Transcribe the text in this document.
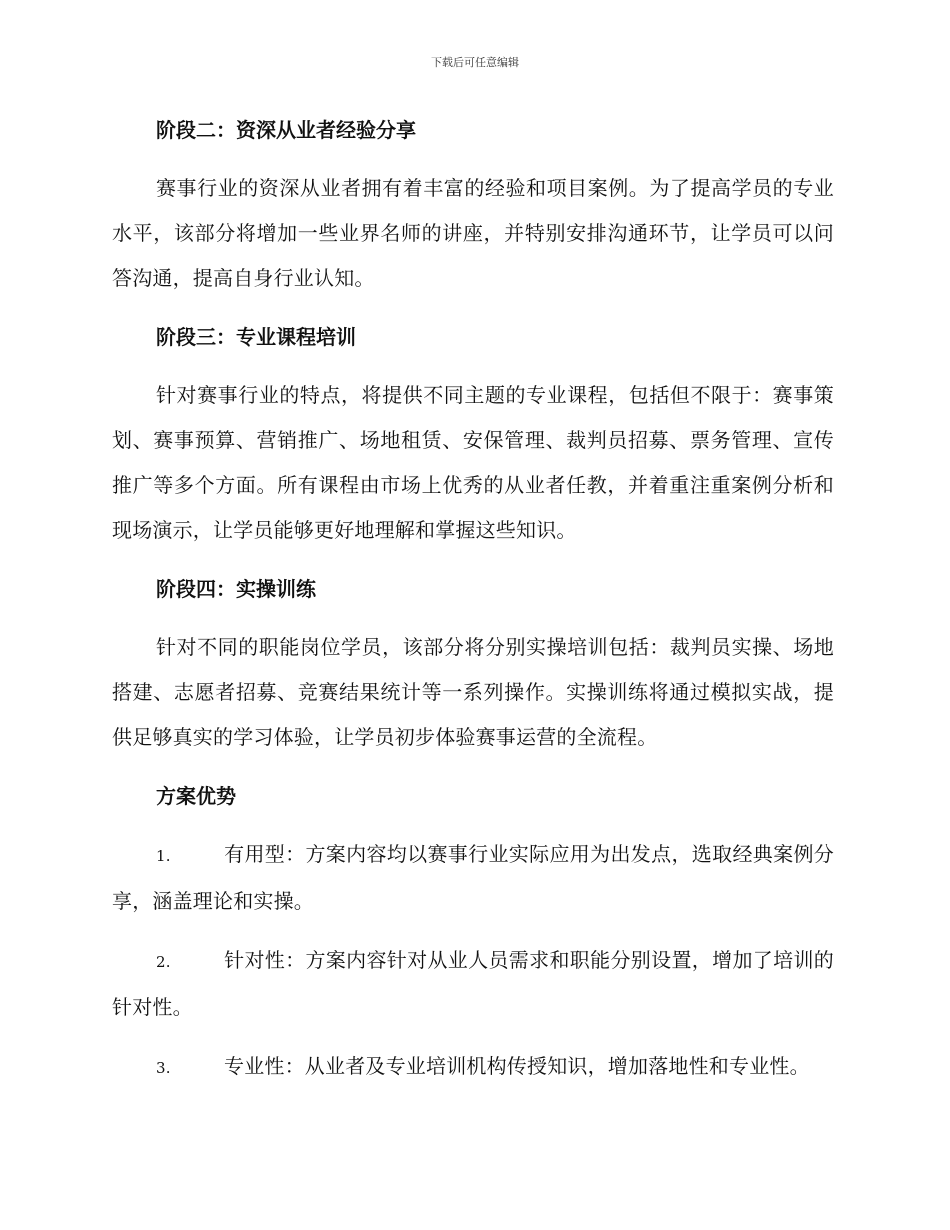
下载后可任意编辑
阶段二：资深从业者经验分享
赛事行业的资深从业者拥有着丰富的经验和项目案例。为了提高学员的专业水平，该部分将增加一些业界名师的讲座，并特别安排沟通环节，让学员可以问答沟通，提高自身行业认知。
阶段三：专业课程培训
针对赛事行业的特点，将提供不同主题的专业课程，包括但不限于：赛事策划、赛事预算、营销推广、场地租赁、安保管理、裁判员招募、票务管理、宣传推广等多个方面。所有课程由市场上优秀的从业者任教，并着重注重案例分析和现场演示，让学员能够更好地理解和掌握这些知识。
阶段四：实操训练
针对不同的职能岗位学员，该部分将分别实操培训包括：裁判员实操、场地搭建、志愿者招募、竞赛结果统计等一系列操作。实操训练将通过模拟实战，提供足够真实的学习体验，让学员初步体验赛事运营的全流程。
方案优势
1.	有用型：方案内容均以赛事行业实际应用为出发点，选取经典案例分享，涵盖理论和实操。
2.	针对性：方案内容针对从业人员需求和职能分别设置，增加了培训的针对性。
3.	专业性：从业者及专业培训机构传授知识，增加落地性和专业性。
